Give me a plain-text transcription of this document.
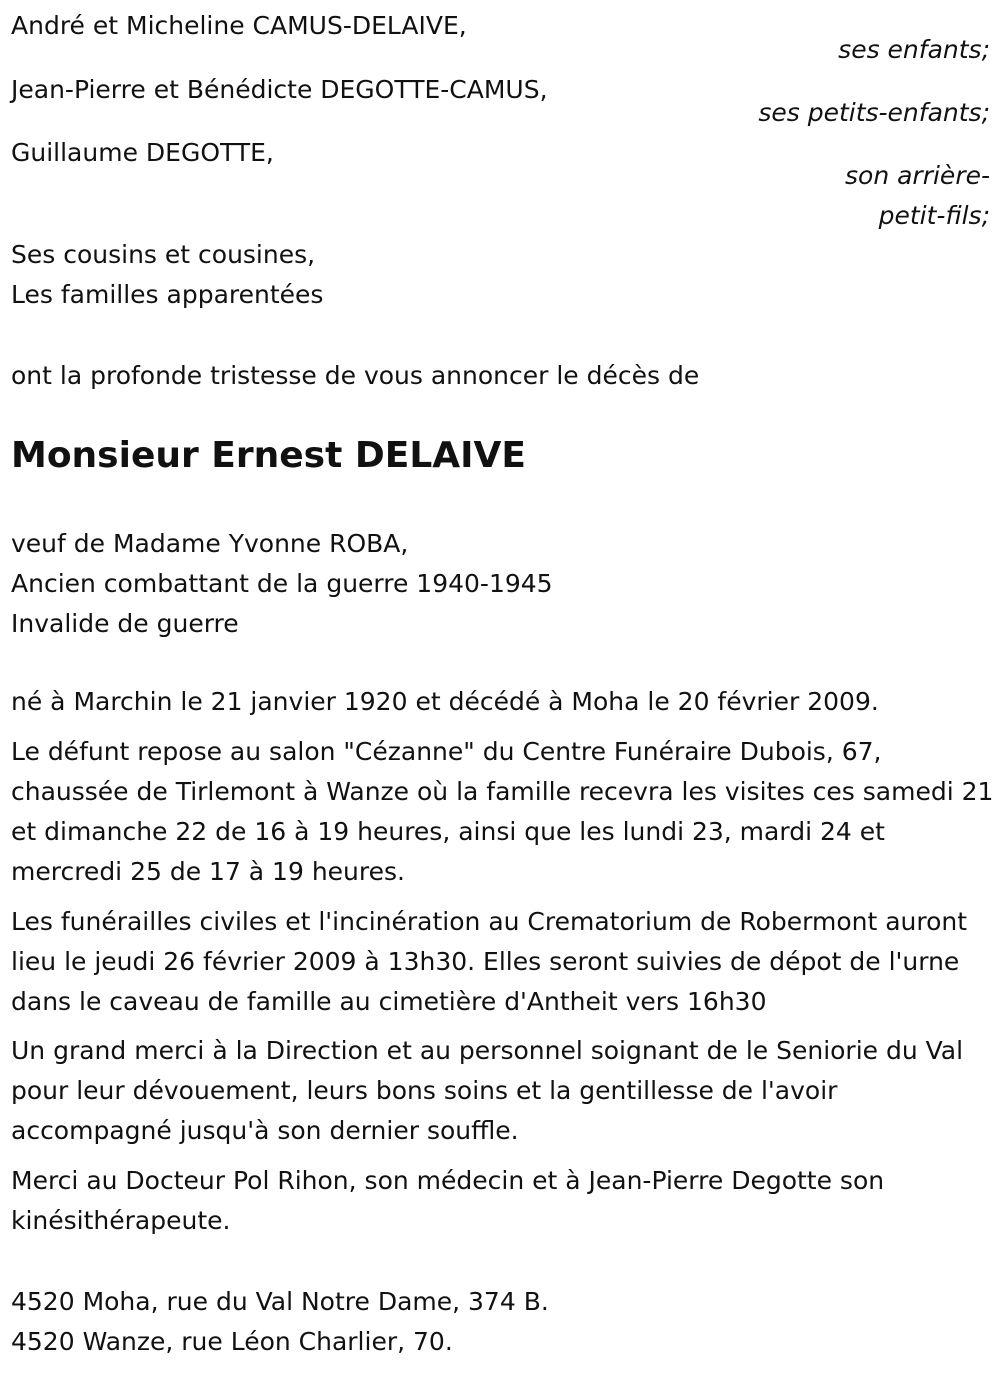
André et Micheline CAMUS-DELAIVE,
ses enfants;
Jean-Pierre et Bénédicte DEGOTTE-CAMUS,
ses petits-enfants;
Guillaume DEGOTTE,
son arrière-
petit-fils;
Ses cousins et cousines,
Les familles apparentées
ont la profonde tristesse de vous annoncer le décès de
Monsieur Ernest DELAIVE
veuf de Madame Yvonne ROBA,
Ancien combattant de la guerre 1940-1945
Invalide de guerre
né à Marchin le 21 janvier 1920 et décédé à Moha le 20 février 2009.
Le défunt repose au salon "Cézanne" du Centre Funéraire Dubois, 67, chaussée de Tirlemont à Wanze où la famille recevra les visites ces samedi 21 et dimanche 22 de 16 à 19 heures, ainsi que les lundi 23, mardi 24 et mercredi 25 de 17 à 19 heures.
Les funérailles civiles et l'incinération au Crematorium de Robermont auront lieu le jeudi 26 février 2009 à 13h30. Elles seront suivies de dépot de l'urne dans le caveau de famille au cimetière d'Antheit vers 16h30
Un grand merci à la Direction et au personnel soignant de le Seniorie du Val pour leur dévouement, leurs bons soins et la gentillesse de l'avoir accompagné jusqu'à son dernier souffle.
Merci au Docteur Pol Rihon, son médecin et à Jean-Pierre Degotte son kinésithérapeute.
4520 Moha, rue du Val Notre Dame, 374 B.
4520 Wanze, rue Léon Charlier, 70.
